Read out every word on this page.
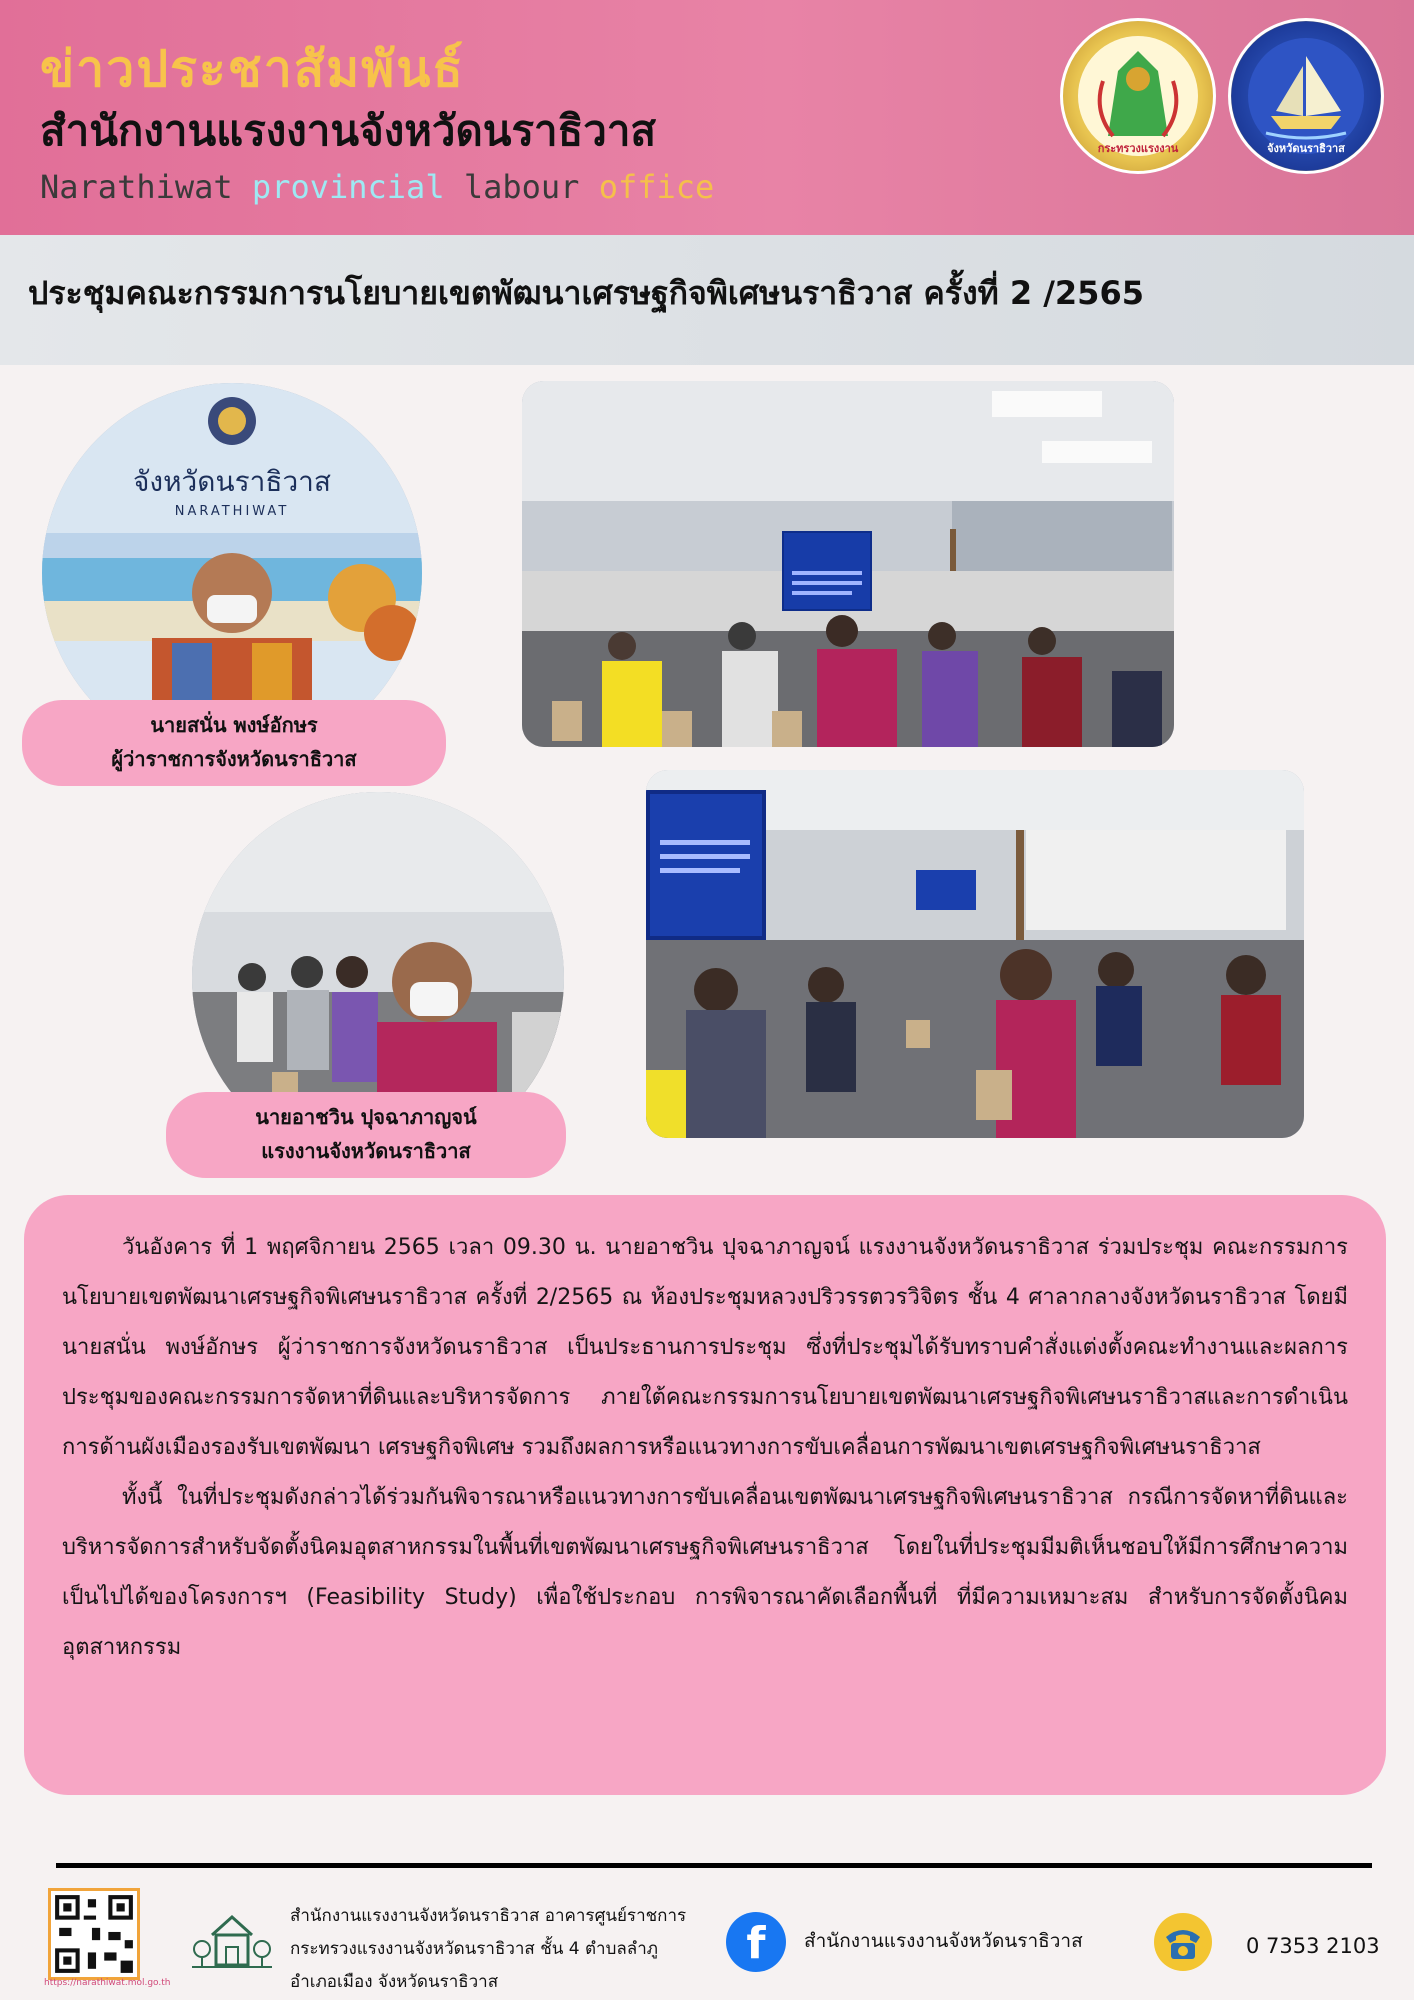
ข่าวประชาสัมพันธ์
สำนักงานแรงงานจังหวัดนราธิวาส
Narathiwat provincial labour office
กระทรวงแรงงาน	จังหวัดนราธิวาส
ประชุมคณะกรรมการนโยบายเขตพัฒนาเศรษฐกิจพิเศษนราธิวาส ครั้งที่ 2 /2565
จังหวัดนราธิวาส
NARATHIWAT
นายสนั่น พงษ์อักษร
ผู้ว่าราชการจังหวัดนราธิวาส
นายอาชวิน ปุจฉาภาญจน์
แรงงานจังหวัดนราธิวาส

วันอังคาร ที่ 1 พฤศจิกายน 2565 เวลา 09.30 น. นายอาชวิน ปุจฉาภาญจน์ แรงงานจังหวัดนราธิวาส ร่วมประชุม คณะกรรมการนโยบายเขตพัฒนาเศรษฐกิจพิเศษนราธิวาส ครั้งที่ 2/2565 ณ ห้องประชุมหลวงปริวรรตวรวิจิตร ชั้น 4 ศาลากลางจังหวัดนราธิวาส โดยมี นายสนั่น พงษ์อักษร ผู้ว่าราชการจังหวัดนราธิวาส เป็นประธานการประชุม ซึ่งที่ประชุมได้รับทราบคำสั่งแต่งตั้งคณะทำงานและผลการประชุมของคณะกรรมการจัดหาที่ดินและบริหารจัดการ ภายใต้คณะกรรมการนโยบายเขตพัฒนาเศรษฐกิจพิเศษนราธิวาสและการดำเนินการด้านผังเมืองรองรับเขตพัฒนา เศรษฐกิจพิเศษ รวมถึงผลการหรือแนวทางการขับเคลื่อนการพัฒนาเขตเศรษฐกิจพิเศษนราธิวาส

ทั้งนี้ ในที่ประชุมดังกล่าวได้ร่วมกันพิจารณาหรือแนวทางการขับเคลื่อนเขตพัฒนาเศรษฐกิจพิเศษนราธิวาส กรณีการจัดหาที่ดินและบริหารจัดการสำหรับจัดตั้งนิคมอุตสาหกรรมในพื้นที่เขตพัฒนาเศรษฐกิจพิเศษนราธิวาส โดยในที่ประชุมมีมติเห็นชอบให้มีการศึกษาความเป็นไปได้ของโครงการฯ (Feasibility Study) เพื่อใช้ประกอบ การพิจารณาคัดเลือกพื้นที่ ที่มีความเหมาะสม สำหรับการจัดตั้งนิคมอุตสาหกรรม

https://narathiwat.mol.go.th
สำนักงานแรงงานจังหวัดนราธิวาส อาคารศูนย์ราชการ
กระทรวงแรงงานจังหวัดนราธิวาส ชั้น 4 ตำบลลำภู
อำเภอเมือง จังหวัดนราธิวาส
f	สำนักงานแรงงานจังหวัดนราธิวาส	0 7353 2103
